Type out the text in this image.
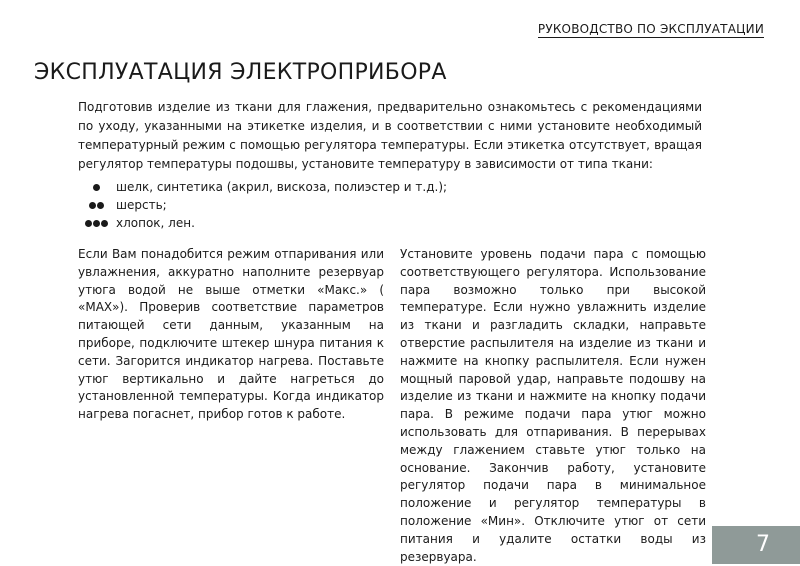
РУКОВОДСТВО ПО ЭКСПЛУАТАЦИИ
ЭКСПЛУАТАЦИЯ ЭЛЕКТРОПРИБОРА

Подготовив изделие из ткани для глажения, предварительно ознакомьтесь с рекомендациями по уходу, указанными на этикетке изделия, и в соответствии с ними установите необходимый температурный режим с помощью регулятора температуры. Если этикетка отсутствует, вращая регулятор температуры подошвы, установите температуру в зависимости от типа ткани:

шелк, синтетика (акрил, вискоза, полиэстер и т.д.);
шерсть;
хлопок, лен.

Если Вам понадобится режим отпаривания или увлажнения, аккуратно наполните резервуар утюга водой не выше отметки «Макс.» ( «MAX»). Проверив соответствие параметров питающей сети данным, указанным на приборе, подключите штекер шнура питания к сети. Загорится индикатор нагрева. Поставьте утюг вертикально и дайте нагреться до установленной температуры. Когда индикатор нагрева погаснет, прибор готов к работе.

Установите уровень подачи пара с помощью соответствующего регулятора. Использование пара возможно только при высокой температуре. Если нужно увлажнить изделие из ткани и разгладить складки, направьте отверстие распылителя на изделие из ткани и нажмите на кнопку распылителя. Если нужен мощный паровой удар, направьте подошву на изделие из ткани и нажмите на кнопку подачи пара. В режиме подачи пара утюг можно использовать для отпаривания. В перерывах между глажением ставьте утюг только на основание. Закончив работу, установите регулятор подачи пара в минимальное положение и регулятор температуры в положение «Мин». Отключите утюг от сети питания и удалите остатки воды из резервуара.	7
